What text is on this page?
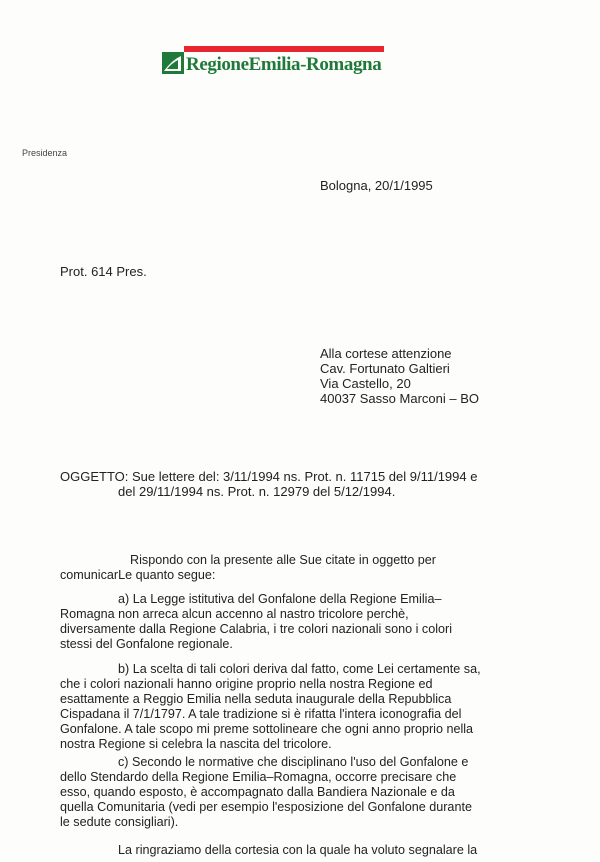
RegioneEmilia-Romagna
Presidenza
Bologna, 20/1/1995
Prot. 614 Pres.
Alla cortese attenzione
Cav. Fortunato Galtieri
Via Castello, 20
40037 Sasso Marconi – BO
OGGETTO: Sue lettere del: 3/11/1994 ns. Prot. n. 11715 del 9/11/1994 e
del 29/11/1994 ns. Prot. n. 12979 del 5/12/1994.
Rispondo con la presente alle Sue citate in oggetto per
comunicarLe quanto segue:
a) La Legge istitutiva del Gonfalone della Regione Emilia–
Romagna non arreca alcun accenno al nastro tricolore perchè,
diversamente dalla Regione Calabria, i tre colori nazionali sono i colori
stessi del Gonfalone regionale.
b) La scelta di tali colori deriva dal fatto, come Lei certamente sa,
che i colori nazionali hanno origine proprio nella nostra Regione ed
esattamente a Reggio Emilia nella seduta inaugurale della Repubblica
Cispadana il 7/1/1797. A tale tradizione si è rifatta l'intera iconografia del
Gonfalone. A tale scopo mi preme sottolineare che ogni anno proprio nella
nostra Regione si celebra la nascita del tricolore.
c) Secondo le normative che disciplinano l'uso del Gonfalone e
dello Stendardo della Regione Emilia–Romagna, occorre precisare che
esso, quando esposto, è accompagnato dalla Bandiera Nazionale e da
quella Comunitaria (vedi per esempio l'esposizione del Gonfalone durante
le sedute consigliari).
La ringraziamo della cortesia con la quale ha voluto segnalare la
